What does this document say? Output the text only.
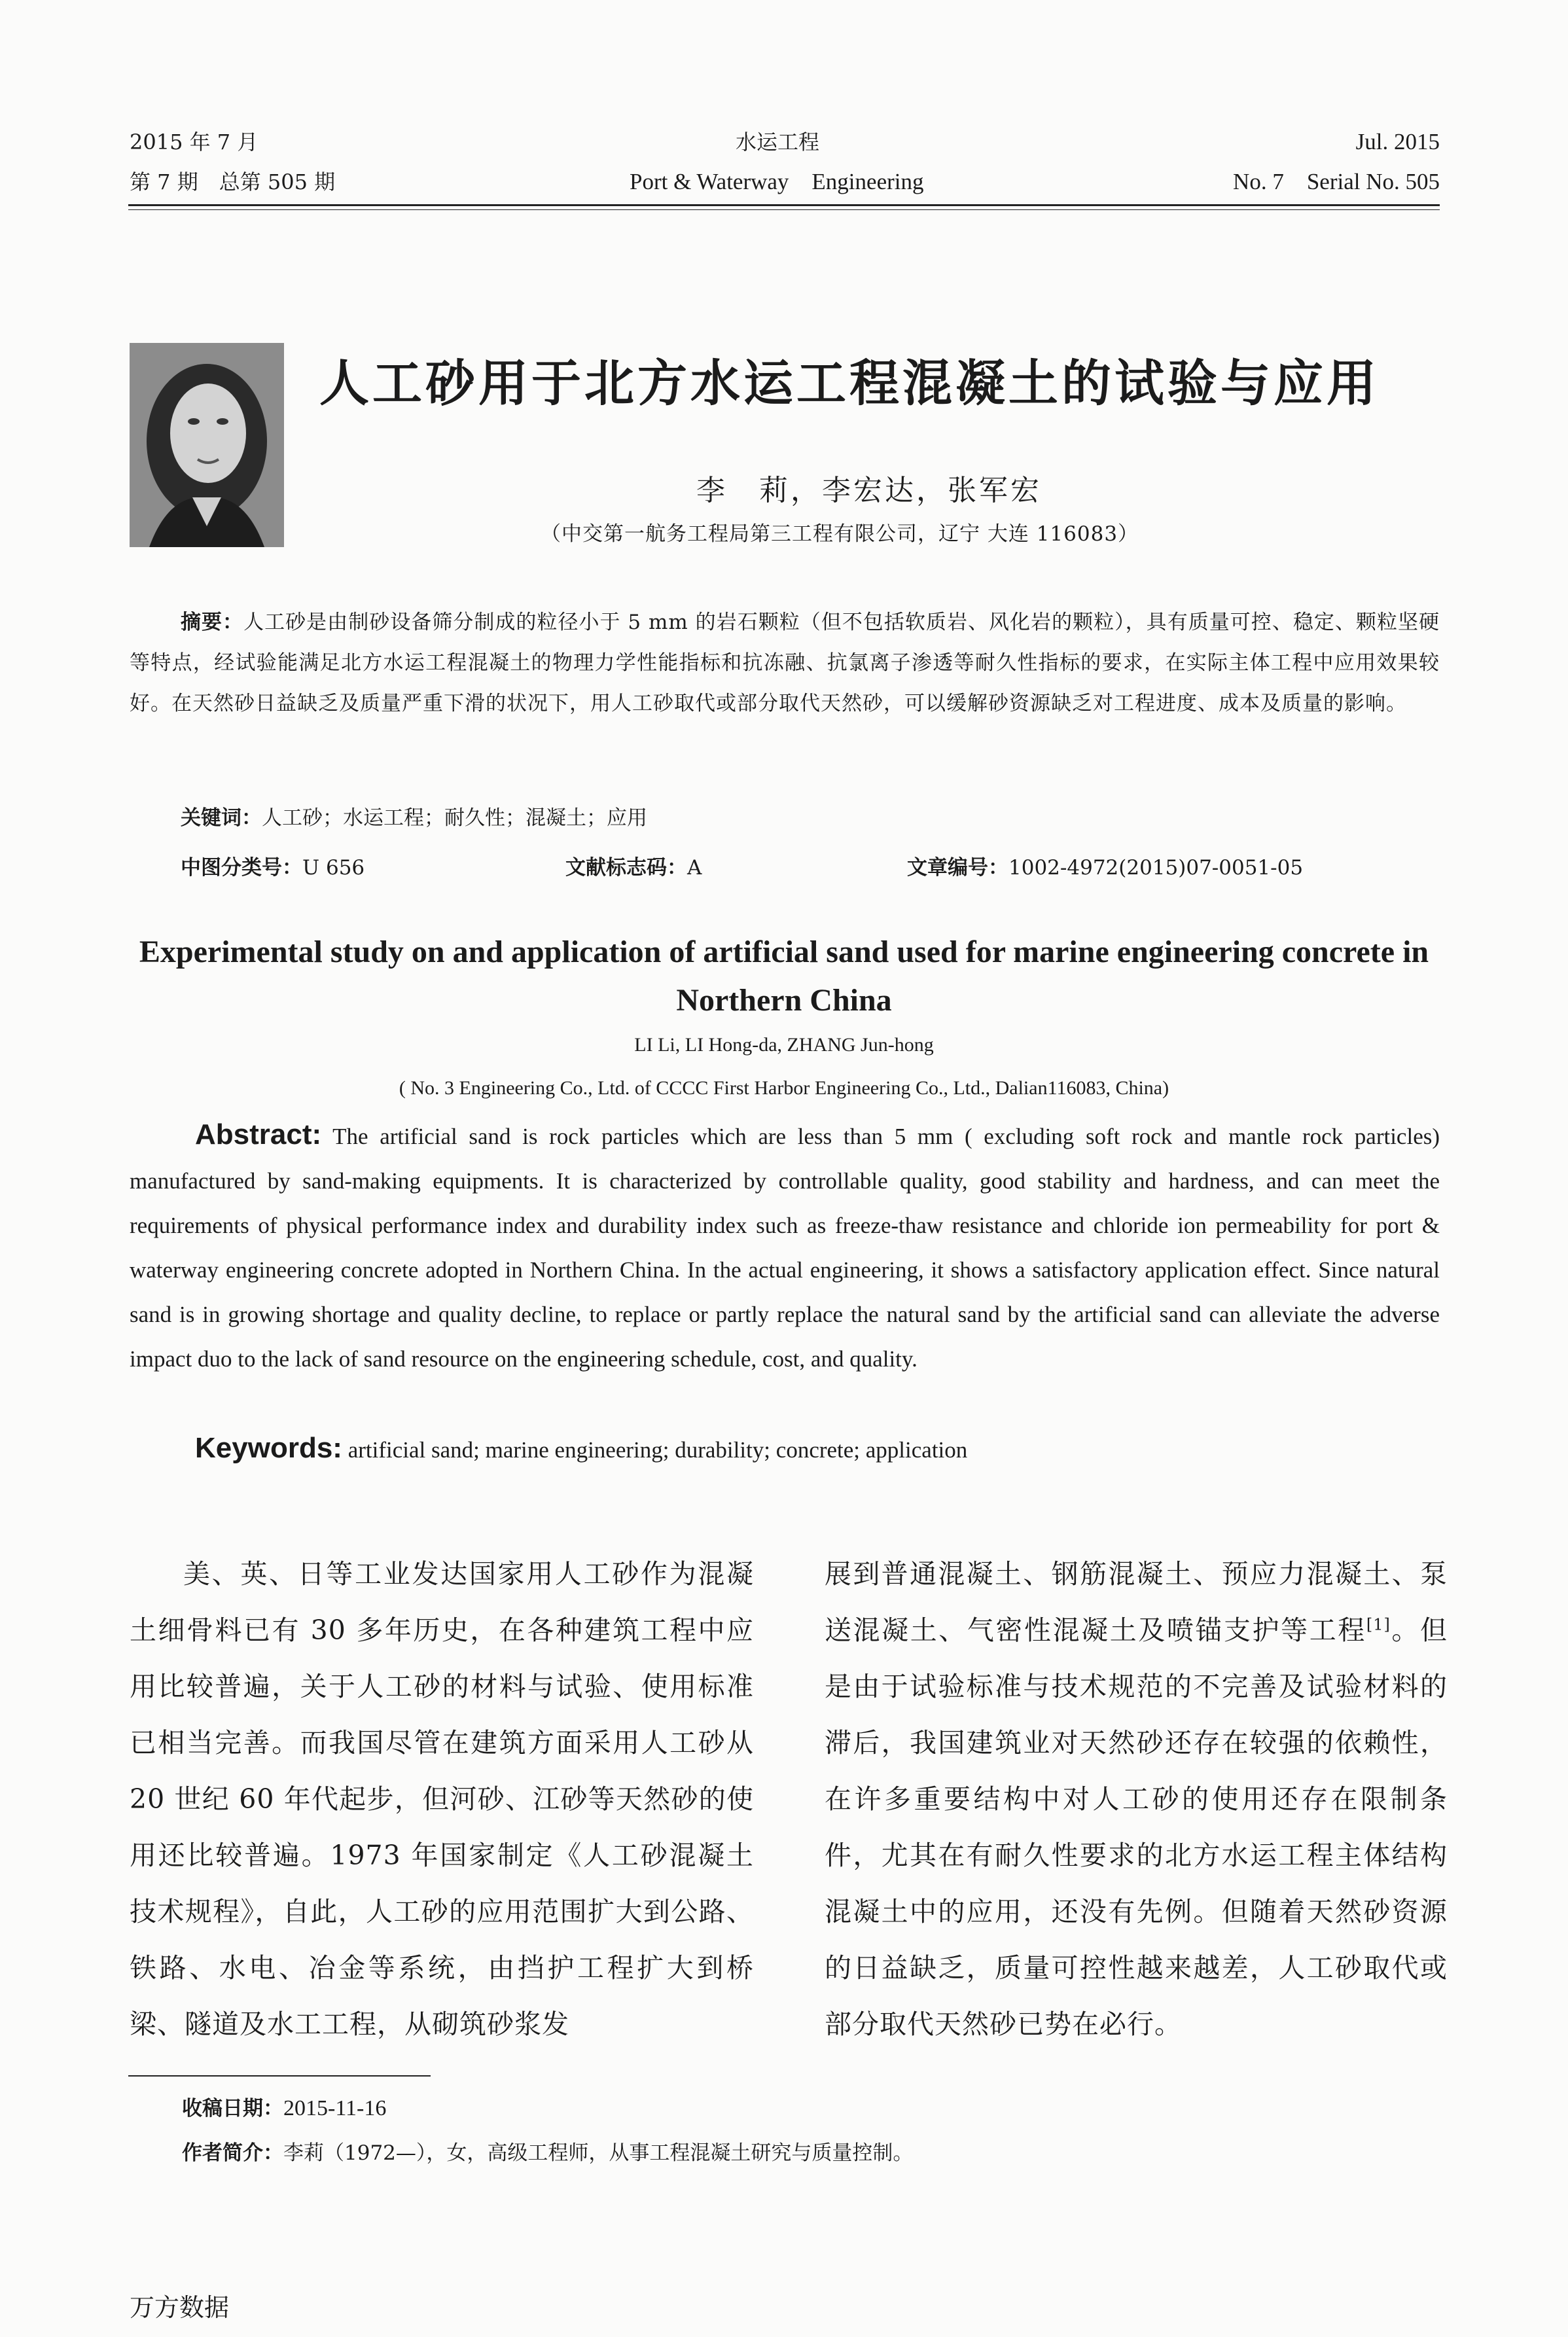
2015 年 7 月
第 7 期　总第 505 期
水运工程
Port & Waterway　Engineering
Jul. 2015
No. 7　Serial No. 505
人工砂用于北方水运工程混凝土的试验与应用
李　莉，李宏达，张军宏
（中交第一航务工程局第三工程有限公司，辽宁 大连 116083）
摘要：人工砂是由制砂设备筛分制成的粒径小于 5 mm 的岩石颗粒（但不包括软质岩、风化岩的颗粒），具有质量可控、稳定、颗粒坚硬等特点，经试验能满足北方水运工程混凝土的物理力学性能指标和抗冻融、抗氯离子渗透等耐久性指标的要求，在实际主体工程中应用效果较好。在天然砂日益缺乏及质量严重下滑的状况下，用人工砂取代或部分取代天然砂，可以缓解砂资源缺乏对工程进度、成本及质量的影响。
关键词：人工砂；水运工程；耐久性；混凝土；应用
中图分类号：U 656	文献标志码：A	文章编号：1002-4972(2015)07-0051-05
Experimental study on and application of artificial sand used for marine engineering concrete in Northern China
LI Li, LI Hong-da, ZHANG Jun-hong
( No. 3 Engineering Co., Ltd. of CCCC First Harbor Engineering Co., Ltd., Dalian116083, China)
Abstract: The artificial sand is rock particles which are less than 5 mm ( excluding soft rock and mantle rock particles) manufactured by sand-making equipments. It is characterized by controllable quality, good stability and hardness, and can meet the requirements of physical performance index and durability index such as freeze-thaw resistance and chloride ion permeability for port & waterway engineering concrete adopted in Northern China. In the actual engineering, it shows a satisfactory application effect. Since natural sand is in growing shortage and quality decline, to replace or partly replace the natural sand by the artificial sand can alleviate the adverse impact duo to the lack of sand resource on the engineering schedule, cost, and quality.
Keywords: artificial sand; marine engineering; durability; concrete; application
美、英、日等工业发达国家用人工砂作为混凝土细骨料已有 30 多年历史，在各种建筑工程中应用比较普遍，关于人工砂的材料与试验、使用标准已相当完善。而我国尽管在建筑方面采用人工砂从 20 世纪 60 年代起步，但河砂、江砂等天然砂的使用还比较普遍。1973 年国家制定《人工砂混凝土技术规程》，自此，人工砂的应用范围扩大到公路、铁路、水电、冶金等系统，由挡护工程扩大到桥梁、隧道及水工工程，从砌筑砂浆发
展到普通混凝土、钢筋混凝土、预应力混凝土、泵送混凝土、气密性混凝土及喷锚支护等工程[1]。但是由于试验标准与技术规范的不完善及试验材料的滞后，我国建筑业对天然砂还存在较强的依赖性，在许多重要结构中对人工砂的使用还存在限制条件，尤其在有耐久性要求的北方水运工程主体结构混凝土中的应用，还没有先例。但随着天然砂资源的日益缺乏，质量可控性越来越差，人工砂取代或部分取代天然砂已势在必行。
收稿日期：2015-11-16
作者简介：李莉（1972—），女，高级工程师，从事工程混凝土研究与质量控制。
万方数据
